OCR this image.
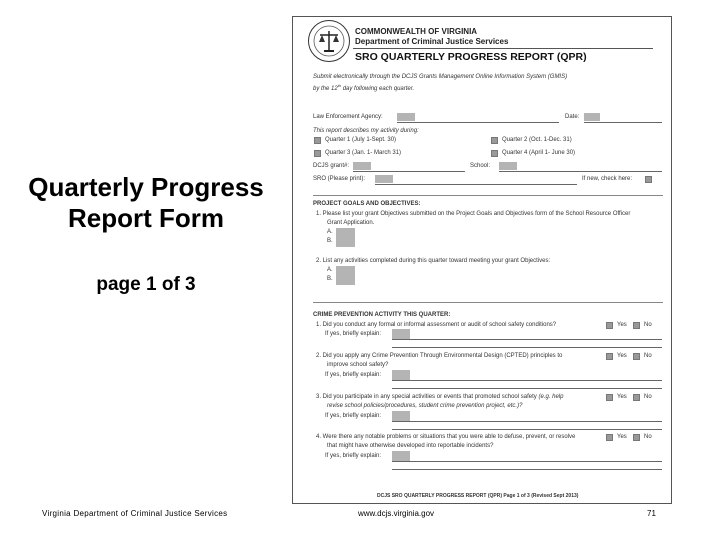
Quarterly Progress Report Form
page 1 of 3
COMMONWEALTH OF VIRGINIA
Department of Criminal Justice Services
SRO QUARTERLY PROGRESS REPORT (QPR)
Submit electronically through the DCJS Grants Management Online Information System (GMIS)
by the 12th day following each quarter.
Law Enforcement Agency:	Date:
This report describes my activity during:
Quarter 1 (July 1-Sept. 30)	Quarter 2 (Oct. 1-Dec. 31)
Quarter 3 (Jan. 1- March 31)	Quarter 4 (April 1- June 30)
DCJS grant#:	School:
SRO (Please print):	If new, check here:
PROJECT GOALS AND OBJECTIVES:
1. Please list your grant Objectives submitted on the Project Goals and Objectives form of the School Resource Officer
Grant Application.
A.
B.
2. List any activities completed during this quarter toward meeting your grant Objectives:
A.
B.
CRIME PREVENTION ACTIVITY THIS QUARTER:
1. Did you conduct any formal or informal assessment or audit of school safety conditions?	Yes	No
If yes, briefly explain:
2. Did you apply any Crime Prevention Through Environmental Design (CPTED) principles to
improve school safety?
Yes	No
If yes, briefly explain:
3. Did you participate in any special activities or events that promoted school safety (e.g. help
revise school policies/procedures, student crime prevention project, etc.)?
Yes	No
If yes, briefly explain:
4. Were there any notable problems or situations that you were able to defuse, prevent, or resolve
that might have otherwise developed into reportable incidents?
Yes	No
If yes, briefly explain:
DCJS SRO QUARTERLY PROGRESS REPORT (QPR) Page 1 of 3 (Revised Sept 2013)
Virginia Department of Criminal Justice Services	www.dcjs.virginia.gov	71
